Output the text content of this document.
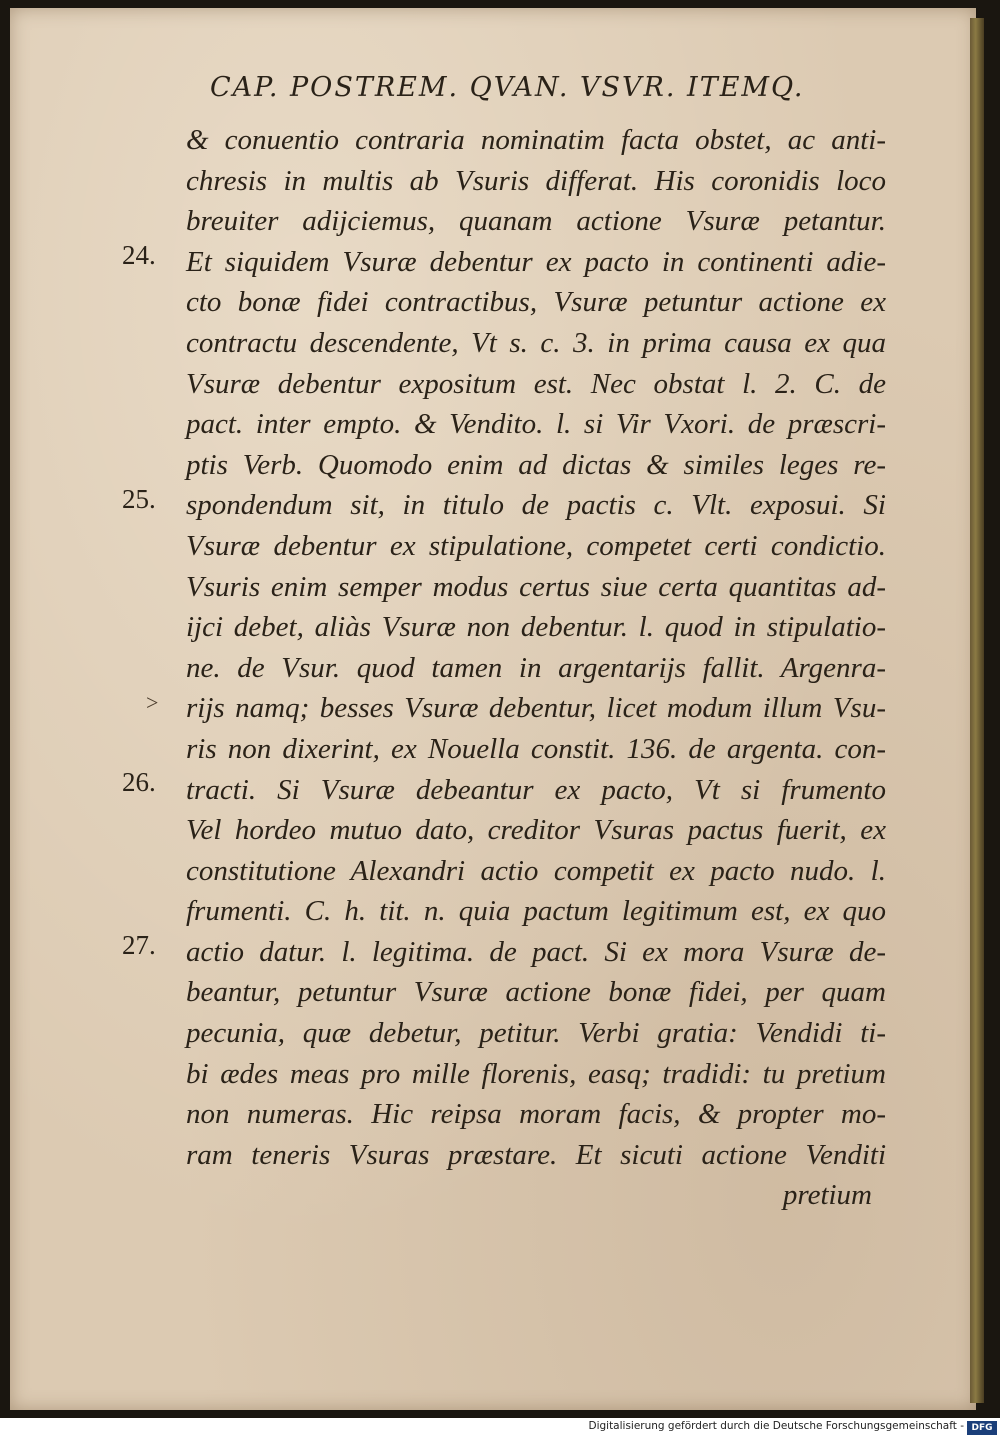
CAP. POSTREM. QVAN. VSVR. ITEMQ.
24.
25.
26.
27.
>
& conuentio contraria nominatim facta obstet, ac anti-
chresis in multis ab Vsuris differat. His coronidis loco
breuiter adijciemus, quanam actione Vsuræ petantur.
Et siquidem Vsuræ debentur ex pacto in continenti adie-
cto bonæ fidei contractibus, Vsuræ petuntur actione ex
contractu descendente, Vt s. c. 3. in prima causa ex qua
Vsuræ debentur expositum est. Nec obstat l. 2. C. de
pact. inter empto. & Vendito. l. si Vir Vxori. de præscri-
ptis Verb. Quomodo enim ad dictas & similes leges re-
spondendum sit, in titulo de pactis c. Vlt. exposui. Si
Vsuræ debentur ex stipulatione, competet certi condictio.
Vsuris enim semper modus certus siue certa quantitas ad-
ijci debet, aliàs Vsuræ non debentur. l. quod in stipulatio-
ne. de Vsur. quod tamen in argentarijs fallit. Argenra-
rijs namq; besses Vsuræ debentur, licet modum illum Vsu-
ris non dixerint, ex Nouella constit. 136. de argenta. con-
tracti. Si Vsuræ debeantur ex pacto, Vt si frumento
Vel hordeo mutuo dato, creditor Vsuras pactus fuerit, ex
constitutione Alexandri actio competit ex pacto nudo. l.
frumenti. C. h. tit. n. quia pactum legitimum est, ex quo
actio datur. l. legitima. de pact. Si ex mora Vsuræ de-
beantur, petuntur Vsuræ actione bonæ fidei, per quam
pecunia, quæ debetur, petitur. Verbi gratia: Vendidi ti-
bi ædes meas pro mille florenis, easq; tradidi: tu pretium
non numeras. Hic reipsa moram facis, & propter mo-
ram teneris Vsuras præstare. Et sicuti actione Venditi
pretium
Digitalisierung gefördert durch die Deutsche Forschungsgemeinschaft - DFG
